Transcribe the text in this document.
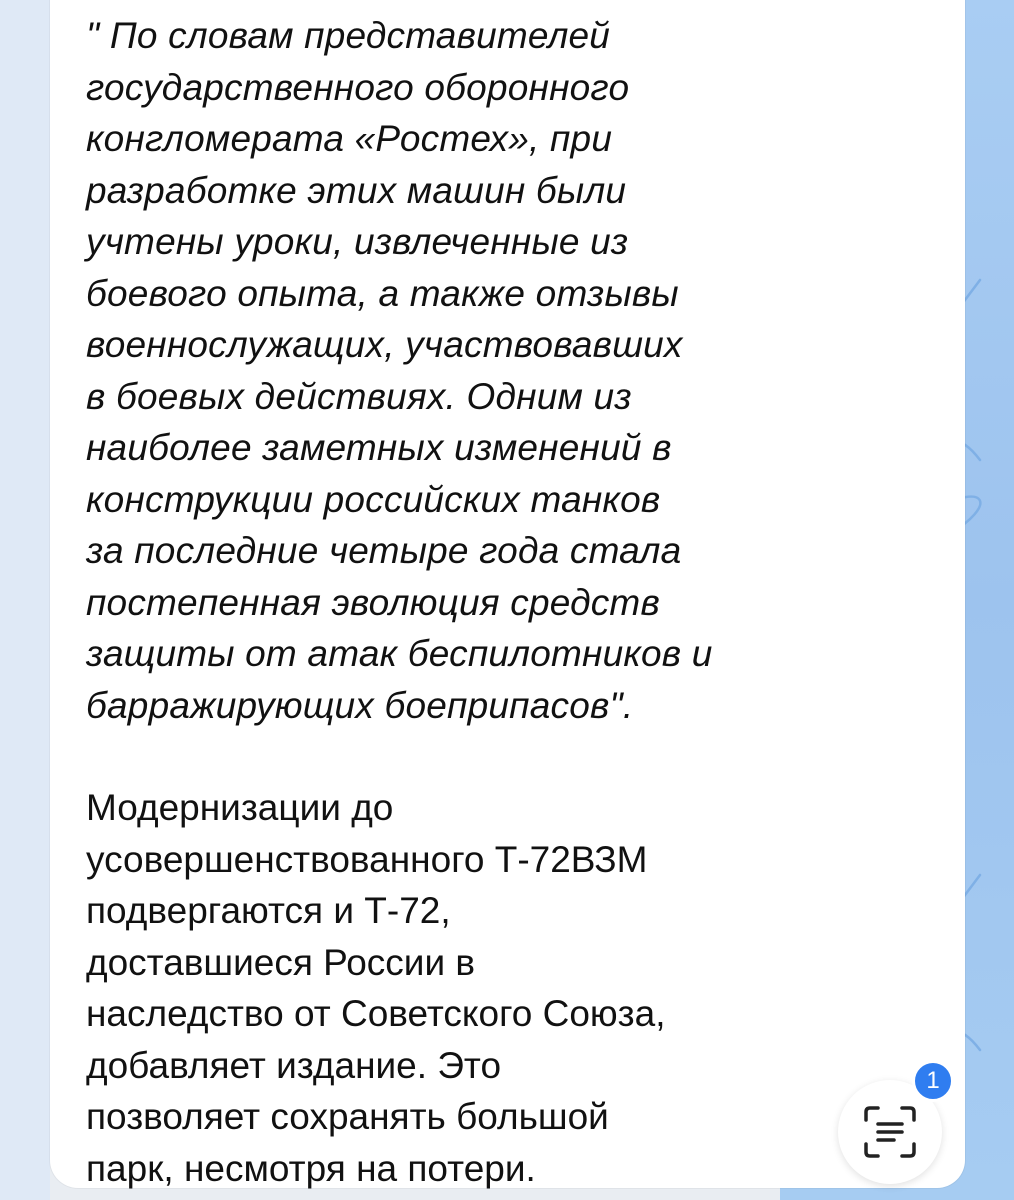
" По словам представителей
государственного оборонного
конгломерата «Ростех», при
разработке этих машин были
учтены уроки, извлеченные из
боевого опыта, а также отзывы
военнослужащих, участвовавших
в боевых действиях. Одним из
наиболее заметных изменений в
конструкции российских танков
за последние четыре года стала
постепенная эволюция средств
защиты от атак беспилотников и
барражирующих боеприпасов".

Модернизации до
усовершенствованного Т-72ВЗМ
подвергаются и Т-72,
доставшиеся России в
наследство от Советского Союза,
добавляет издание. Это
позволяет сохранять большой
парк, несмотря на потери.

1
